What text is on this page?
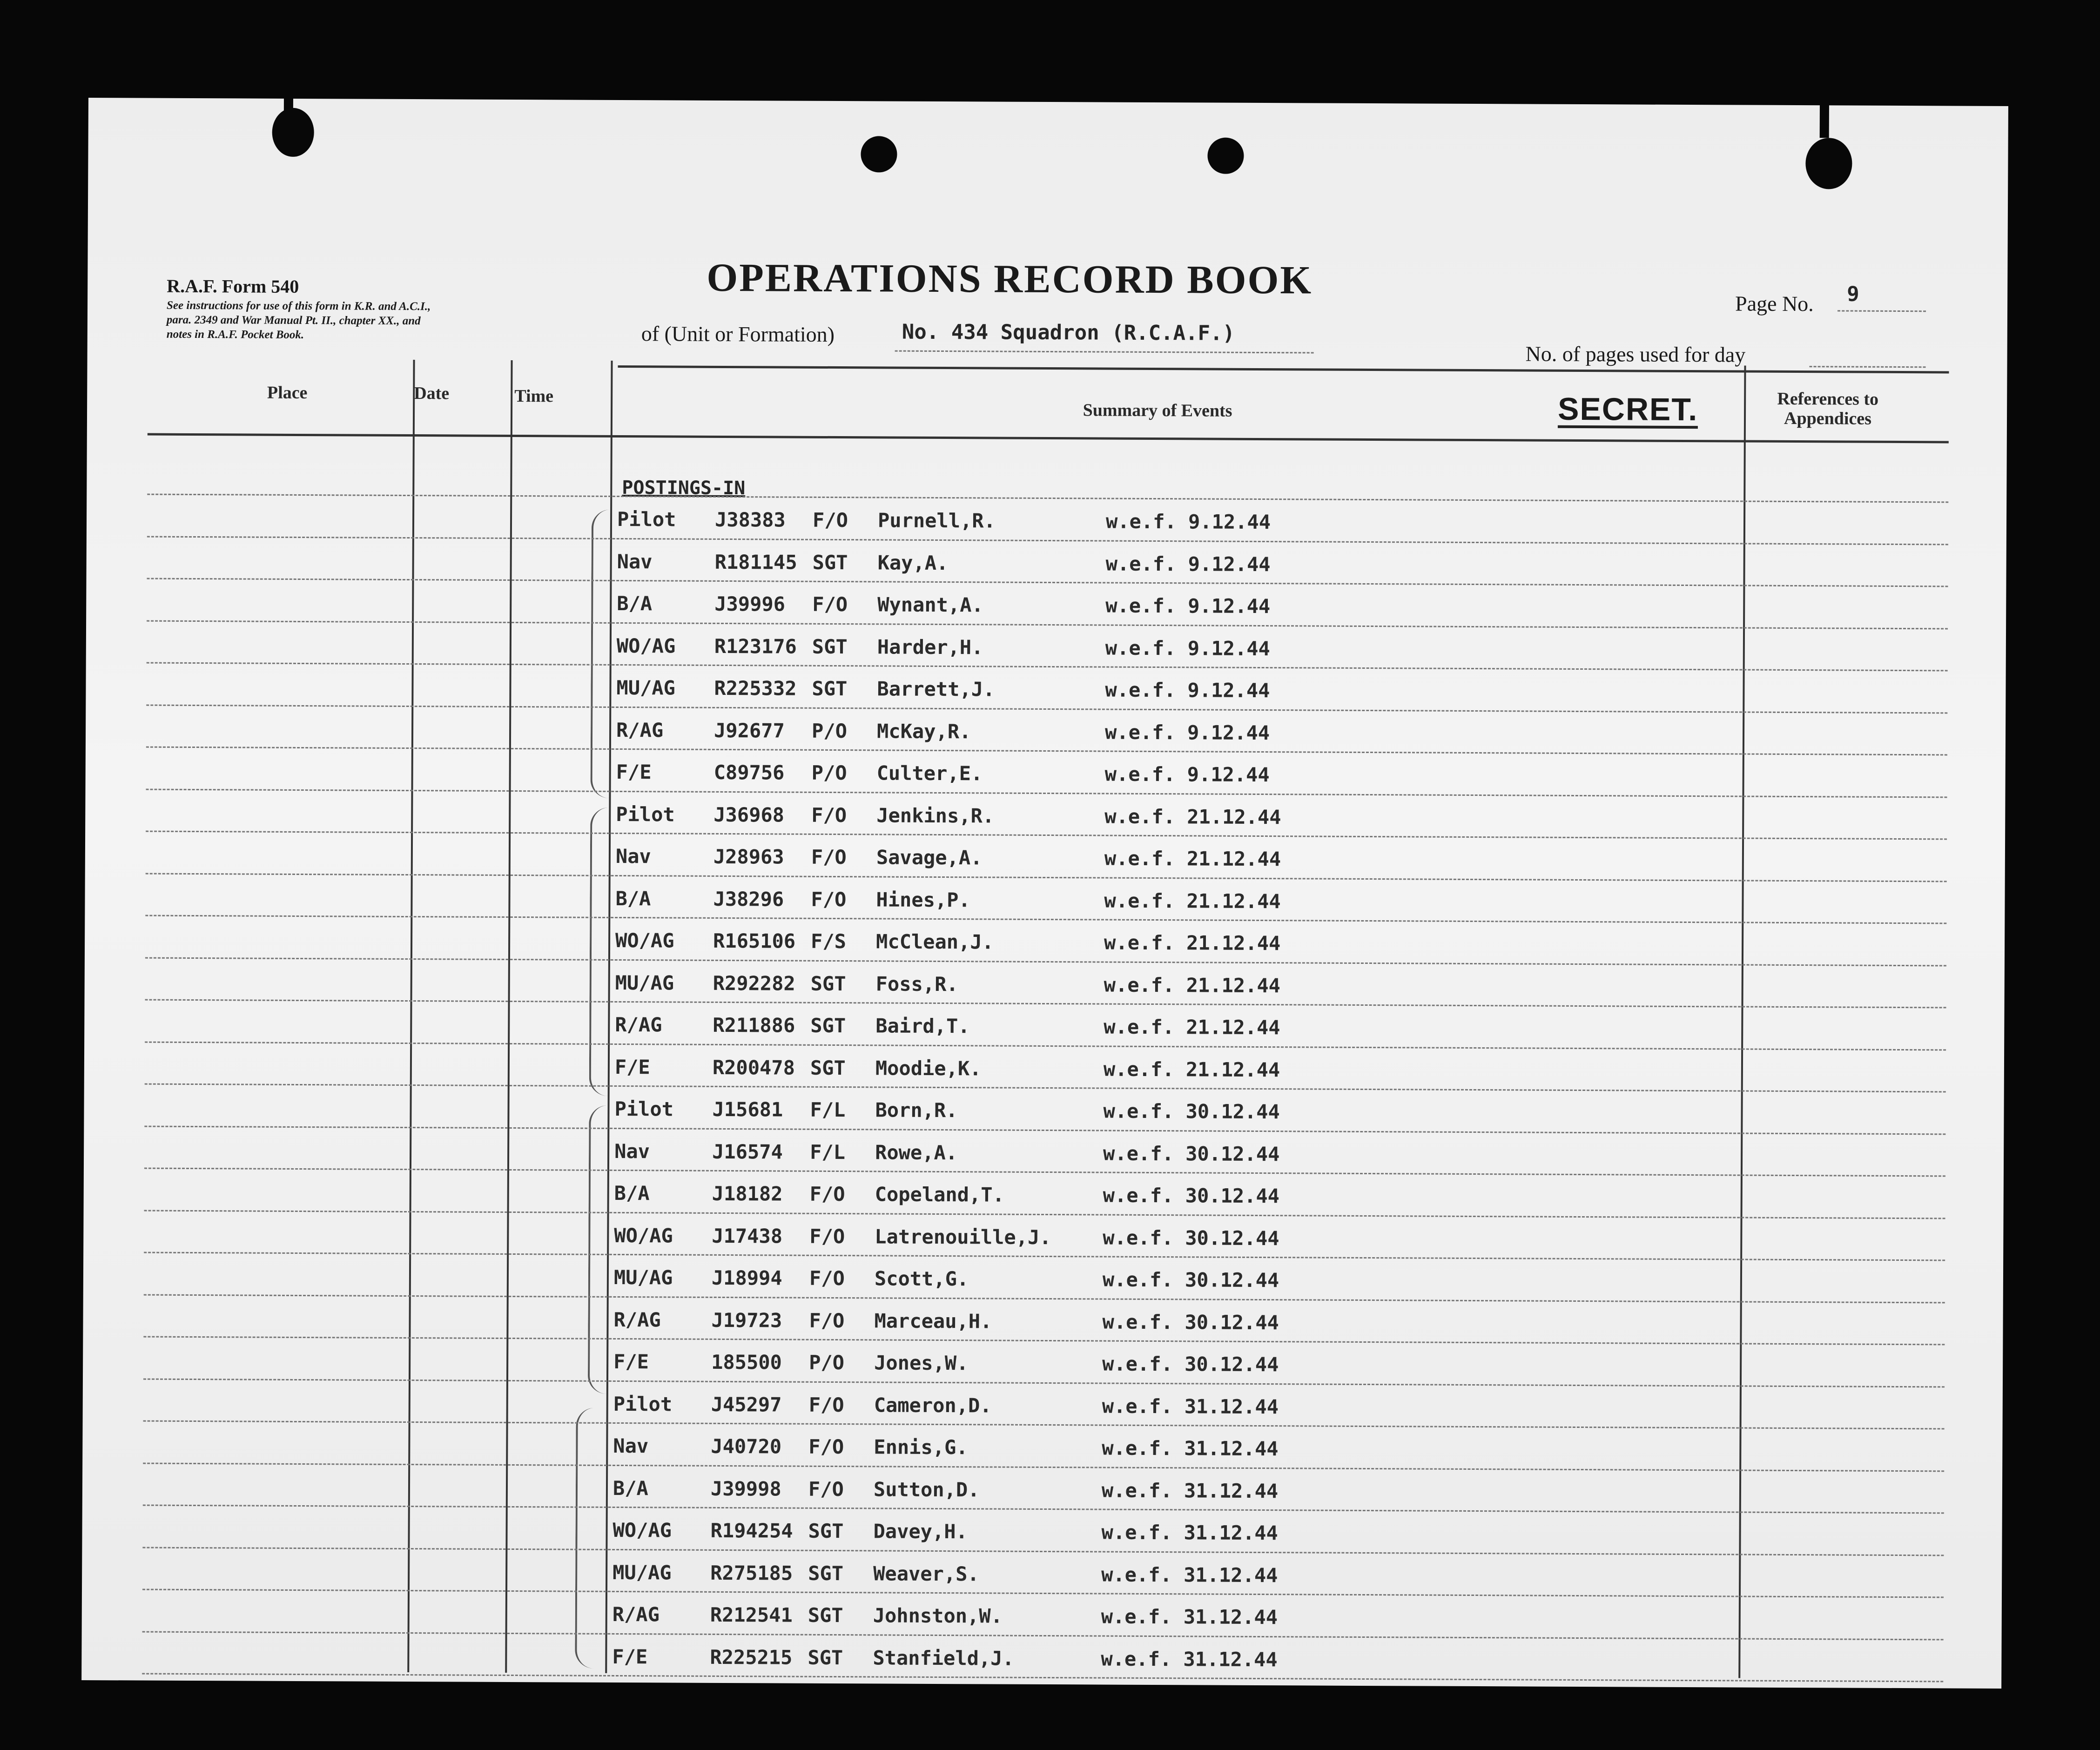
R.A.F. Form 540
See instructions for use of this form in K.R. and A.C.I.,
para. 2349 and War Manual Pt. II., chapter XX., and
notes in R.A.F. Pocket Book.
OPERATIONS RECORD BOOK
of (Unit or Formation)	No. 434 Squadron (R.C.A.F.)
Page No. 9
No. of pages used for day
Place	Date	Time
Summary of Events	SECRET.	References to Appendices
POSTINGS-IN
Pilot J38383 F/O Purnell,R.	w.e.f. 9.12.44
Nav	R181145 SGT Kay,A.	w.e.f. 9.12.44
B/A	J39996 F/O Wynant,A.	w.e.f. 9.12.44
WO/AG R123176 SGT Harder,H.	w.e.f. 9.12.44
MU/AG R225332 SGT Barrett,J.	w.e.f. 9.12.44
R/AG	J92677 P/O McKay,R.	w.e.f. 9.12.44
F/E	C89756 P/O Culter,E.	w.e.f. 9.12.44
Pilot J36968 F/O Jenkins,R.	w.e.f. 21.12.44
Nav	J28963 F/O Savage,A.	w.e.f. 21.12.44
B/A	J38296 F/O Hines,P.	w.e.f. 21.12.44
WO/AG R165106 F/S McClean,J.	w.e.f. 21.12.44
MU/AG R292282 SGT Foss,R.	w.e.f. 21.12.44
R/AG	R211886 SGT Baird,T.	w.e.f. 21.12.44
F/E	R200478 SGT Moodie,K.	w.e.f. 21.12.44
Pilot J15681 F/L Born,R.	w.e.f. 30.12.44
Nav	J16574 F/L Rowe,A.	w.e.f. 30.12.44
B/A	J18182 F/O Copeland,T.	w.e.f. 30.12.44
WO/AG J17438 F/O Latrenouille,J.	w.e.f. 30.12.44
MU/AG J18994 F/O Scott,G.	w.e.f. 30.12.44
R/AG	J19723 F/O Marceau,H.	w.e.f. 30.12.44
F/E	185500 P/O Jones,W.	w.e.f. 30.12.44
Pilot J45297 F/O Cameron,D.	w.e.f. 31.12.44
Nav	J40720 F/O Ennis,G.	w.e.f. 31.12.44
B/A	J39998 F/O Sutton,D.	w.e.f. 31.12.44
WO/AG R194254 SGT Davey,H.	w.e.f. 31.12.44
MU/AG R275185 SGT Weaver,S.	w.e.f. 31.12.44
R/AG	R212541 SGT Johnston,W.	w.e.f. 31.12.44
F/E	R225215 SGT Stanfield,J.	w.e.f. 31.12.44
